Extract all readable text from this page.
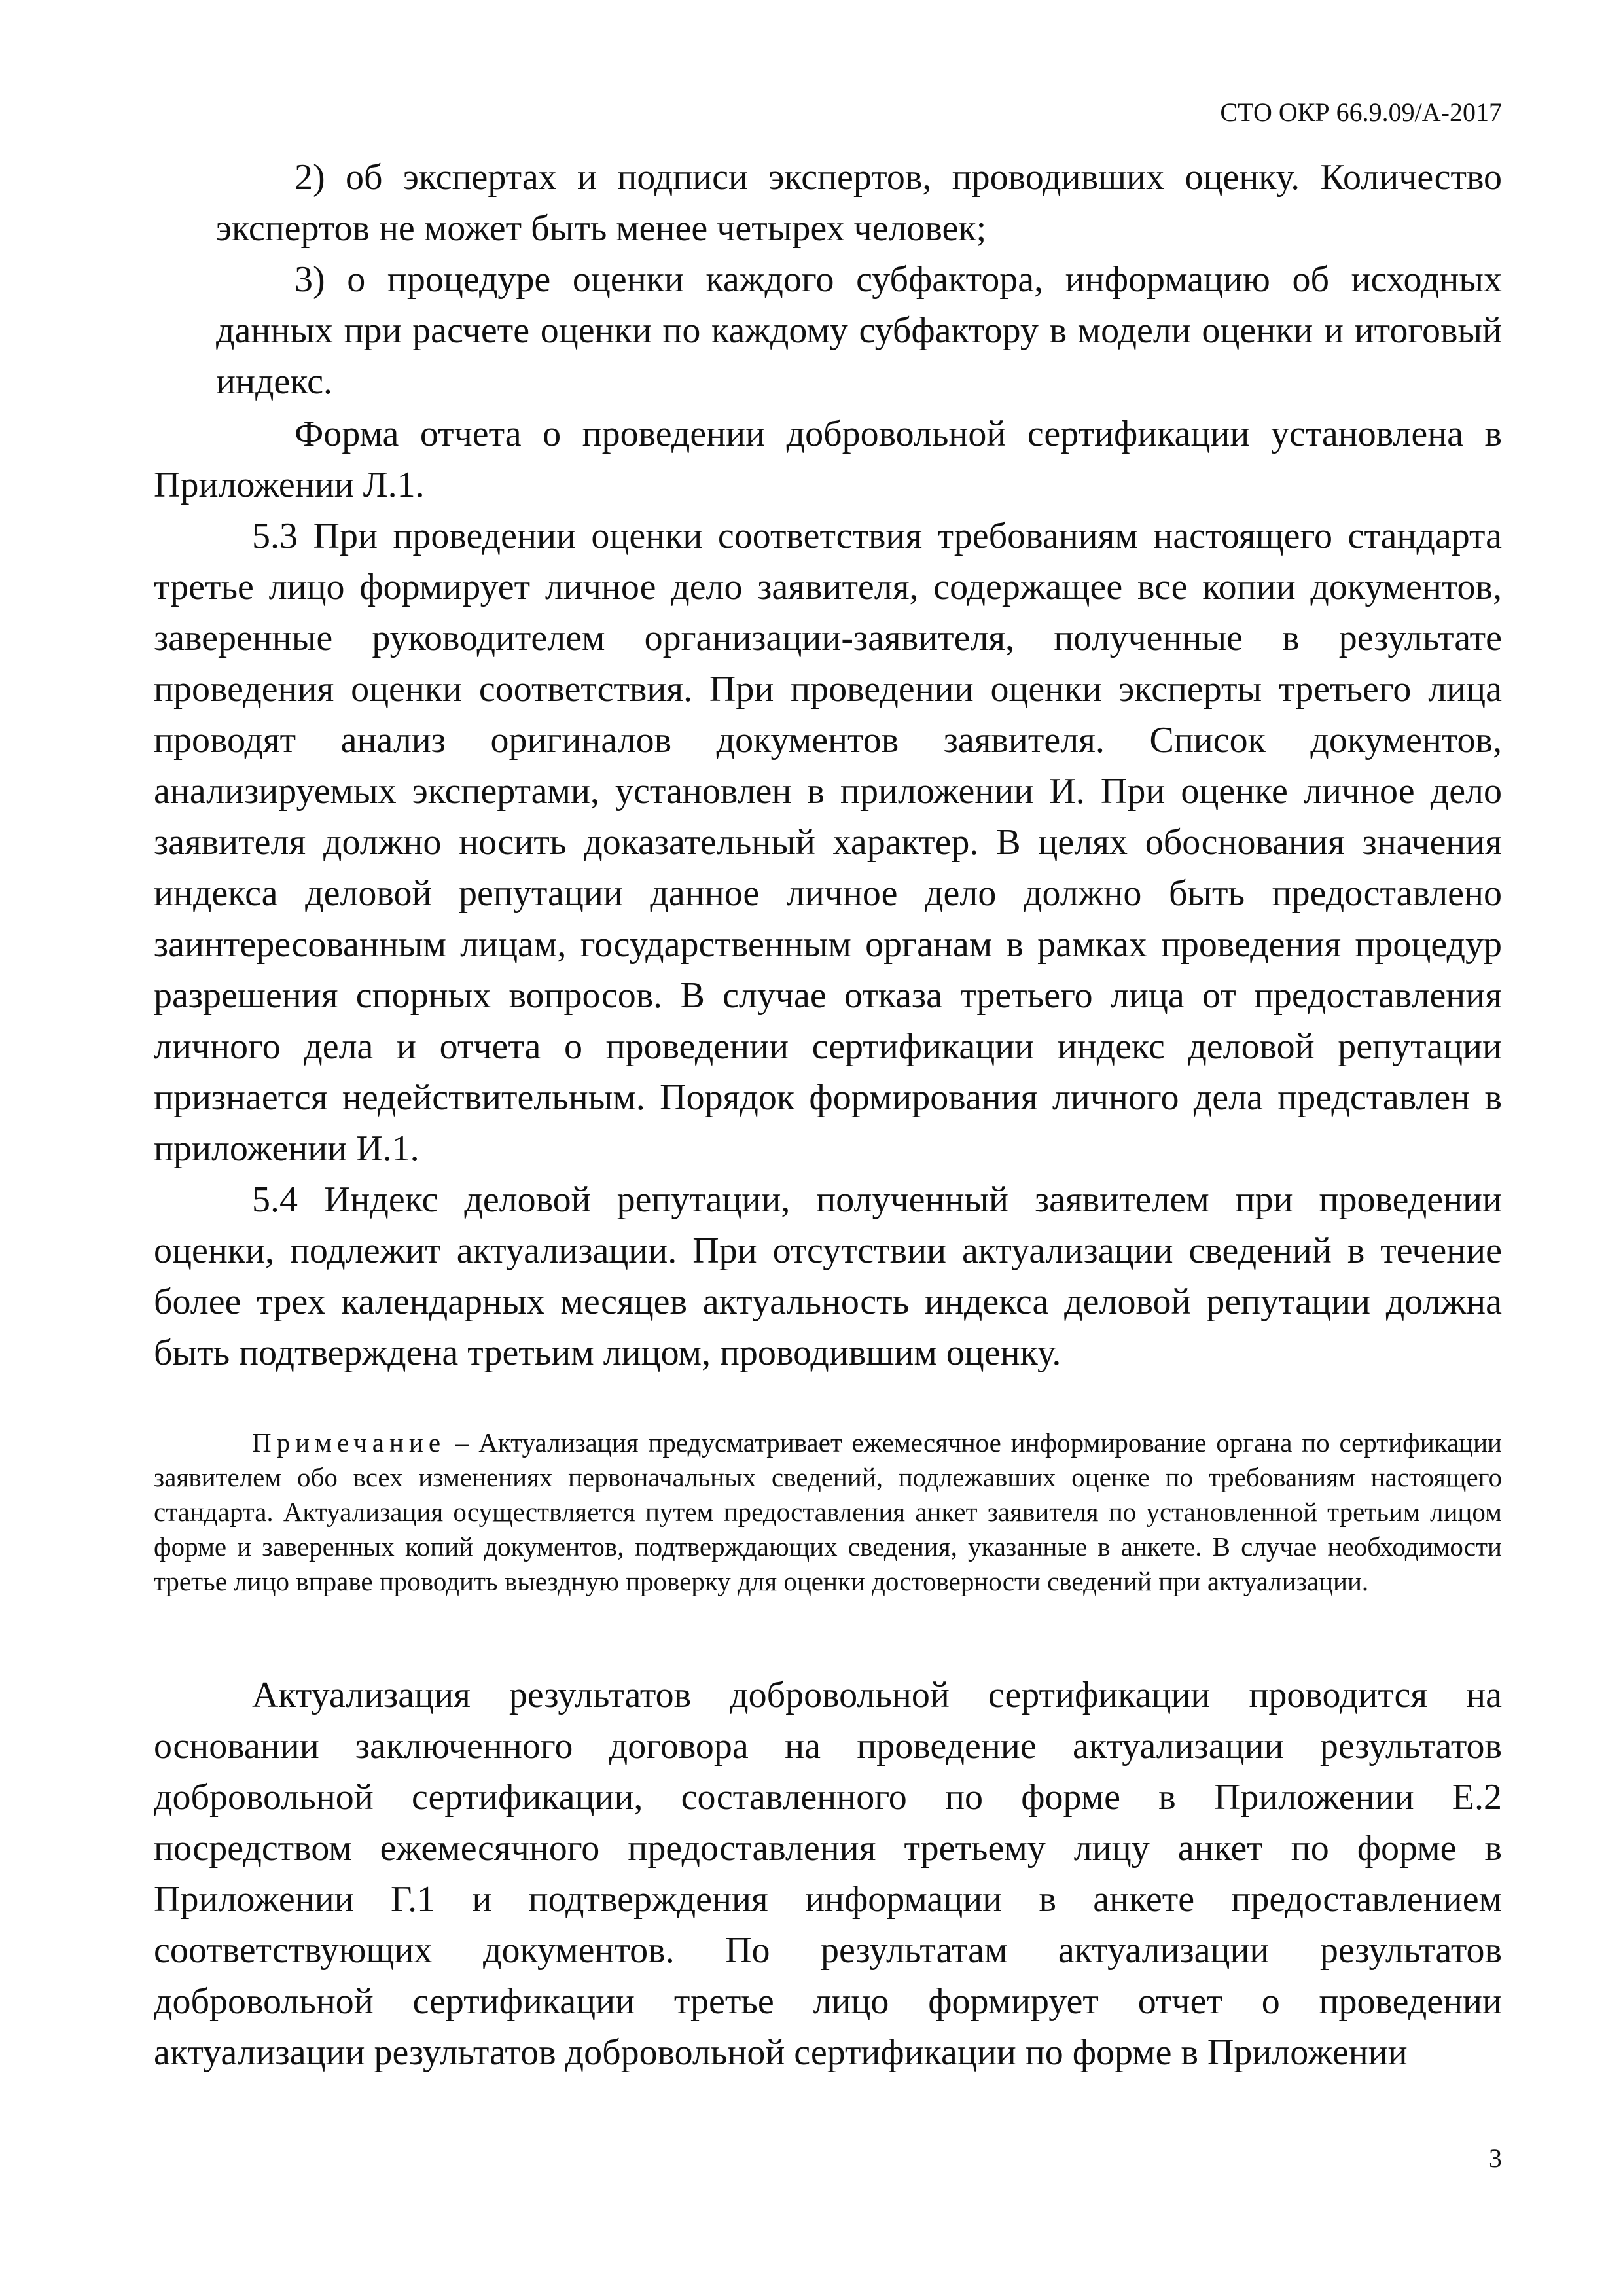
СТО ОКР 66.9.09/А-2017

2) об экспертах и подписи экспертов, проводивших оценку. Количество экспертов не может быть менее четырех человек;

3) о процедуре оценки каждого субфактора, информацию об исходных данных при расчете оценки по каждому субфактору в модели оценки и итоговый индекс.

Форма отчета о проведении добровольной сертификации установлена в Приложении Л.1.

5.3 При проведении оценки соответствия требованиям настоящего стандарта третье лицо формирует личное дело заявителя, содержащее все копии документов, заверенные руководителем организации-заявителя, полученные в результате проведения оценки соответствия. При проведении оценки эксперты третьего лица проводят анализ оригиналов документов заявителя. Список документов, анализируемых экспертами, установлен в приложении И. При оценке личное дело заявителя должно носить доказательный характер. В целях обоснования значения индекса деловой репутации данное личное дело должно быть предоставлено заинтересованным лицам, государственным органам в рамках проведения процедур разрешения спорных вопросов. В случае отказа третьего лица от предоставления личного дела и отчета о проведении сертификации индекс деловой репутации признается недействительным. Порядок формирования личного дела представлен в приложении И.1.

5.4 Индекс деловой репутации, полученный заявителем при проведении оценки, подлежит актуализации. При отсутствии актуализации сведений в течение более трех календарных месяцев актуальность индекса деловой репутации должна быть подтверждена третьим лицом, проводившим оценку.

Примечание – Актуализация предусматривает ежемесячное информирование органа по сертификации заявителем обо всех изменениях первоначальных сведений, подлежавших оценке по требованиям настоящего стандарта. Актуализация осуществляется путем предоставления анкет заявителя по установленной третьим лицом форме и заверенных копий документов, подтверждающих сведения, указанные в анкете. В случае необходимости третье лицо вправе проводить выездную проверку для оценки достоверности сведений при актуализации.

Актуализация результатов добровольной сертификации проводится на основании заключенного договора на проведение актуализации результатов добровольной сертификации, составленного по форме в Приложении Е.2 посредством ежемесячного предоставления третьему лицу анкет по форме в Приложении Г.1 и подтверждения информации в анкете предоставлением соответствующих документов. По результатам актуализации результатов добровольной сертификации третье лицо формирует отчет о проведении актуализации результатов добровольной сертификации по форме в Приложении

3
